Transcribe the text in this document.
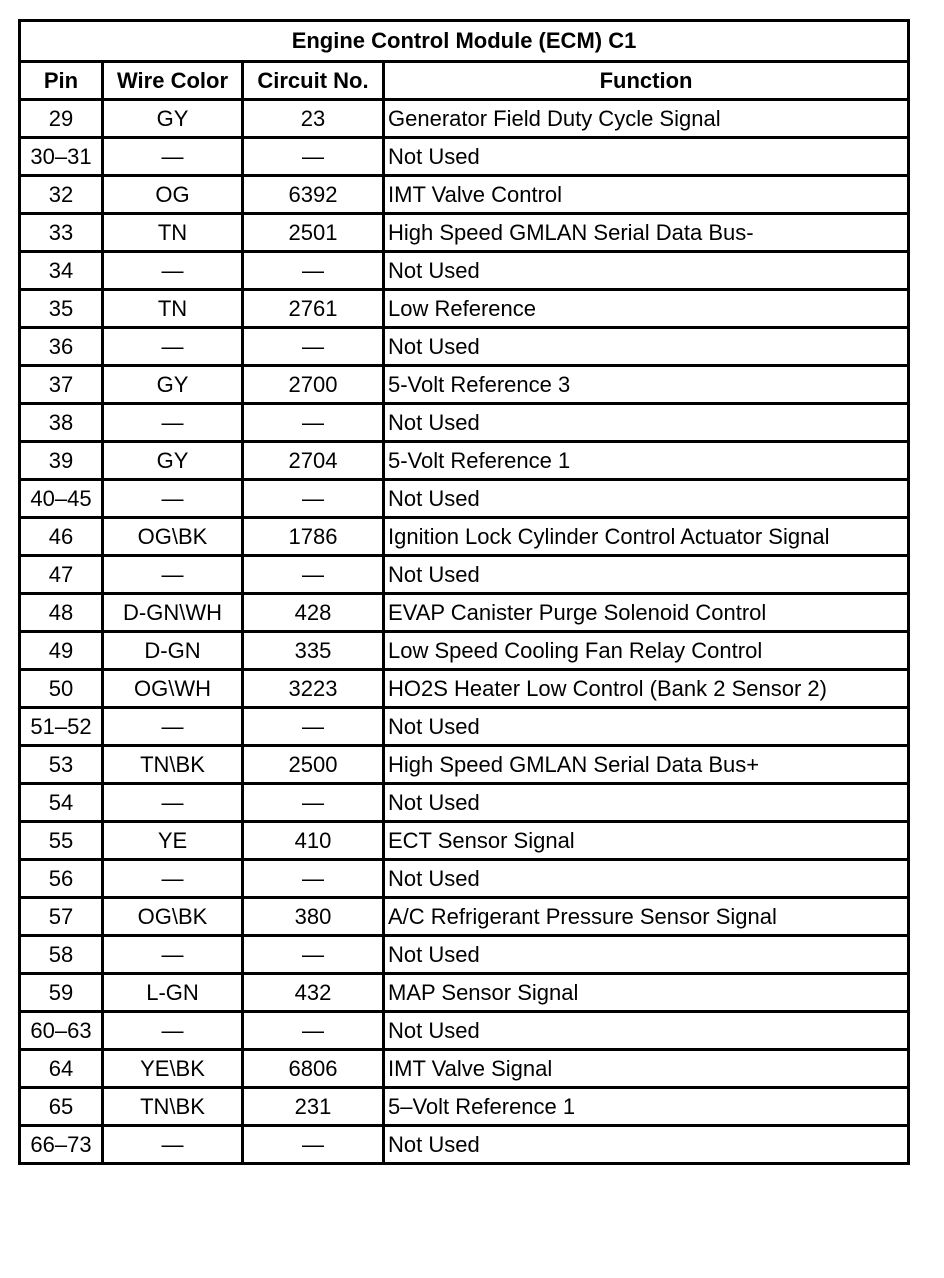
Engine Control Module (ECM) C1			
Pin	Wire Color	Circuit No.	Function
29	GY	23	Generator Field Duty Cycle Signal
30–31	—	—	Not Used
32	OG	6392	IMT Valve Control
33	TN	2501	High Speed GMLAN Serial Data Bus-
34	—	—	Not Used
35	TN	2761	Low Reference
36	—	—	Not Used
37	GY	2700	5-Volt Reference 3
38	—	—	Not Used
39	GY	2704	5-Volt Reference 1
40–45	—	—	Not Used
46	OG\BK	1786	Ignition Lock Cylinder Control Actuator Signal
47	—	—	Not Used
48	D-GN\WH	428	EVAP Canister Purge Solenoid Control
49	D-GN	335	Low Speed Cooling Fan Relay Control
50	OG\WH	3223	HO2S Heater Low Control (Bank 2 Sensor 2)
51–52	—	—	Not Used
53	TN\BK	2500	High Speed GMLAN Serial Data Bus+
54	—	—	Not Used
55	YE	410	ECT Sensor Signal
56	—	—	Not Used
57	OG\BK	380	A/C Refrigerant Pressure Sensor Signal
58	—	—	Not Used
59	L-GN	432	MAP Sensor Signal
60–63	—	—	Not Used
64	YE\BK	6806	IMT Valve Signal
65	TN\BK	231	5–Volt Reference 1
66–73	—	—	Not Used
